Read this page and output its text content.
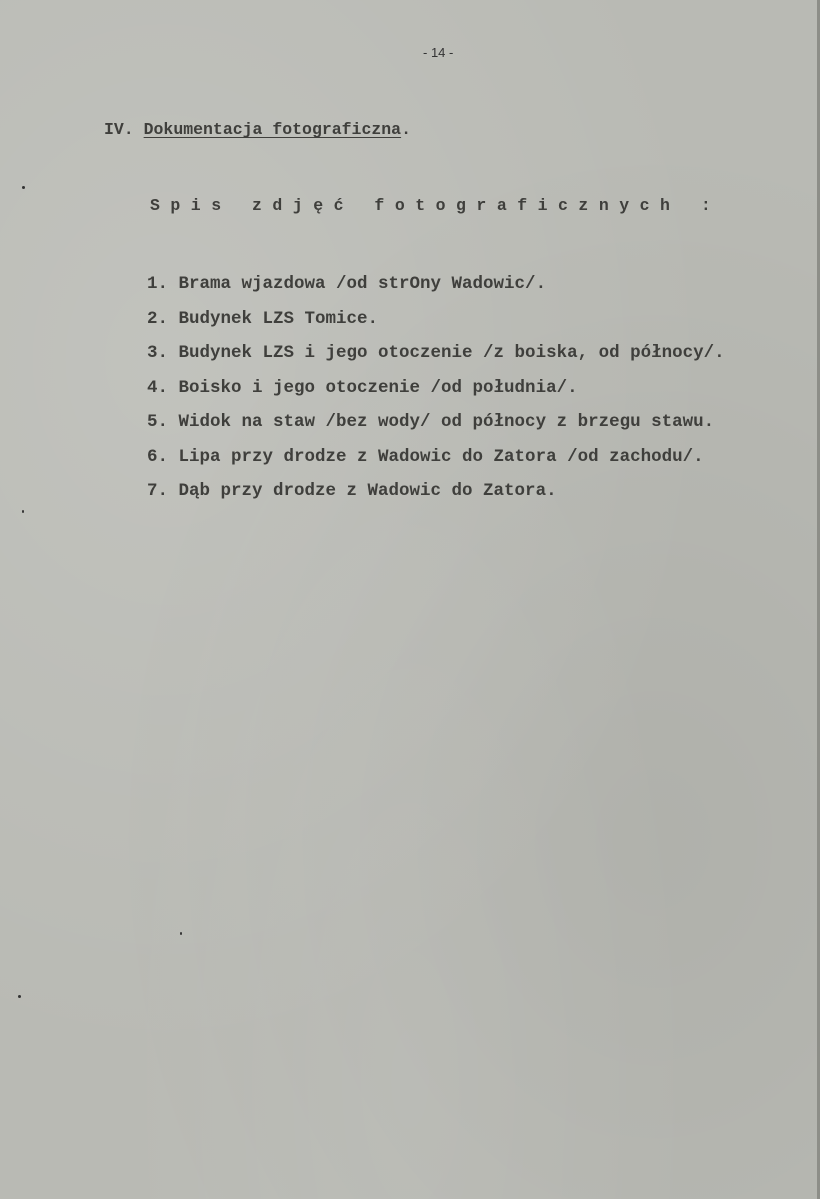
- 14 -
IV. Dokumentacja fotograficzna.
Spis zdjęć fotograficznych :
1. Brama wjazdowa /od strOny Wadowic/.
2. Budynek LZS Tomice.
3. Budynek LZS i jego otoczenie /z boiska, od północy/.
4. Boisko i jego otoczenie /od południa/.
5. Widok na staw /bez wody/ od północy z brzegu stawu.
6. Lipa przy drodze z Wadowic do Zatora /od zachodu/.
7. Dąb przy drodze z Wadowic do Zatora.
